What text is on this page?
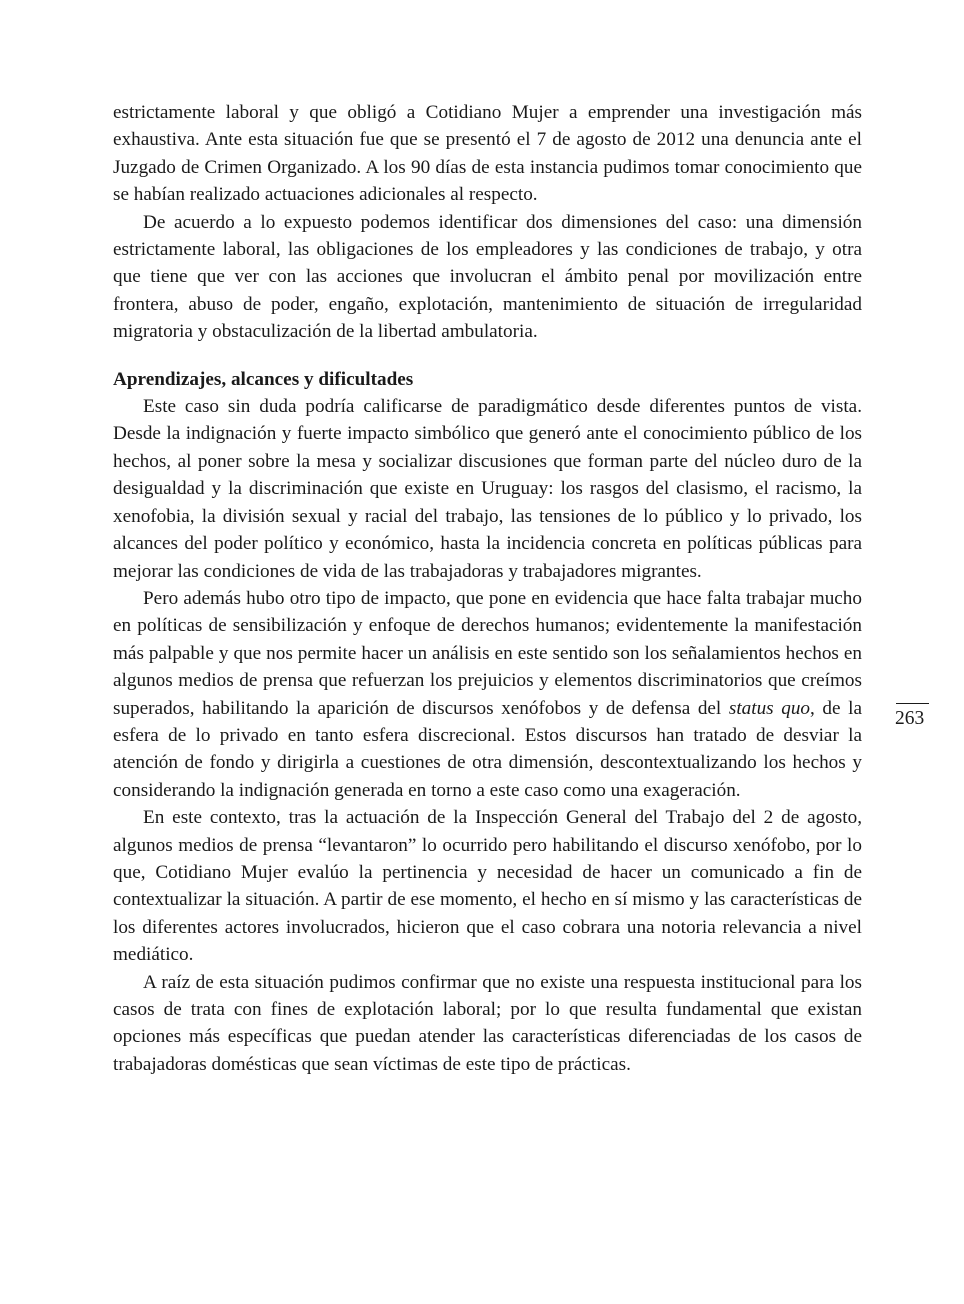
estrictamente laboral y que obligó a Cotidiano Mujer a emprender una investigación más exhaustiva. Ante esta situación fue que se presentó el 7 de agosto de 2012 una denuncia ante el Juzgado de Crimen Organizado. A los 90 días de esta instancia pudimos tomar conocimiento que se habían realizado actuaciones adicionales al respecto.

De acuerdo a lo expuesto podemos identificar dos dimensiones del caso: una dimensión estrictamente laboral, las obligaciones de los empleadores y las condiciones de trabajo, y otra que tiene que ver con las acciones que involucran el ámbito penal por movilización entre frontera, abuso de poder, engaño, explotación, mantenimiento de situación de irregularidad migratoria y obstaculización de la libertad ambulatoria.

Aprendizajes, alcances y dificultades

Este caso sin duda podría calificarse de paradigmático desde diferentes puntos de vista. Desde la indignación y fuerte impacto simbólico que generó ante el conocimiento público de los hechos, al poner sobre la mesa y socializar discusiones que forman parte del núcleo duro de la desigualdad y la discriminación que existe en Uruguay: los rasgos del clasismo, el racismo, la xenofobia, la división sexual y racial del trabajo, las tensiones de lo público y lo privado, los alcances del poder político y económico, hasta la incidencia concreta en políticas públicas para mejorar las condiciones de vida de las trabajadoras y trabajadores migrantes.

Pero además hubo otro tipo de impacto, que pone en evidencia que hace falta trabajar mucho en políticas de sensibilización y enfoque de derechos humanos; evidentemente la manifestación más palpable y que nos permite hacer un análisis en este sentido son los señalamientos hechos en algunos medios de prensa que refuerzan los prejuicios y elementos discriminatorios que creímos superados, habilitando la aparición de discursos xenófobos y de defensa del status quo, de la esfera de lo privado en tanto esfera discrecional. Estos discursos han tratado de desviar la atención de fondo y dirigirla a cuestiones de otra dimensión, descontextualizando los hechos y considerando la indignación generada en torno a este caso como una exageración.

En este contexto, tras la actuación de la Inspección General del Trabajo del 2 de agosto, algunos medios de prensa “levantaron” lo ocurrido pero habilitando el discurso xenófobo, por lo que, Cotidiano Mujer evalúo la pertinencia y necesidad de hacer un comunicado a fin de contextualizar la situación. A partir de ese momento, el hecho en sí mismo y las características de los diferentes actores involucrados, hicieron que el caso cobrara una notoria relevancia a nivel mediático.

A raíz de esta situación pudimos confirmar que no existe una respuesta institucional para los casos de trata con fines de explotación laboral; por lo que resulta fundamental que existan opciones más específicas que puedan atender las características diferenciadas de los casos de trabajadoras domésticas que sean víctimas de este tipo de prácticas.

263
